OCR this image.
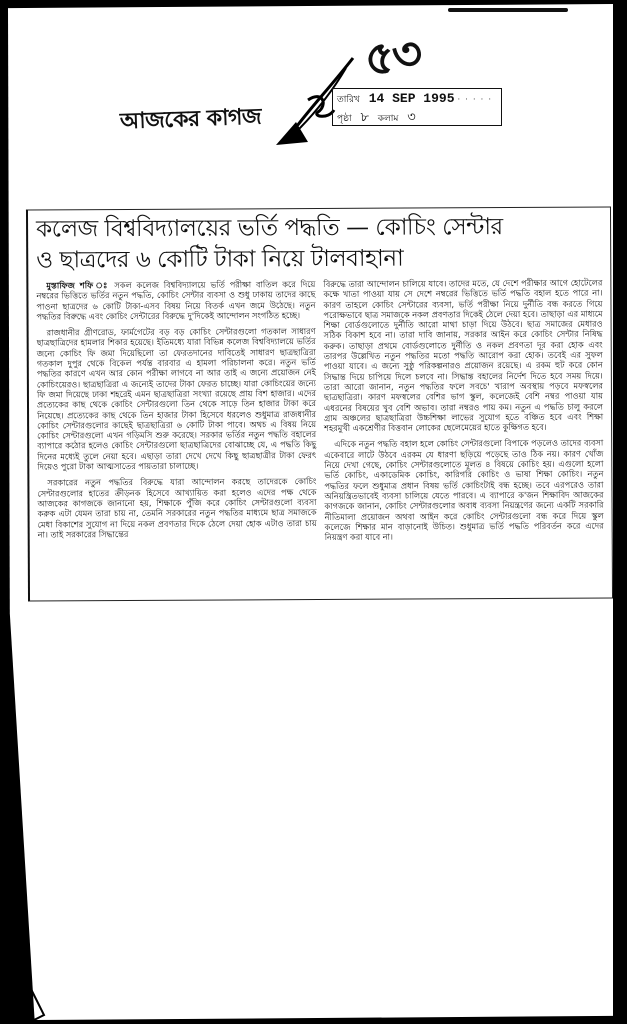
আজকের কাগজ
৫৩
তারিখ 14 SEP 1995 · · · · ·
পৃষ্ঠা ৮ কলাম ৩
কলেজ বিশ্ববিদ্যালয়ের ভর্তি পদ্ধতি — কোচিং সেন্টার
ও ছাত্রদের ৬ কোটি টাকা নিয়ে টালবাহানা

মুস্তাফিজ শফি ঃ সকল কলেজ বিশ্ববিদ্যালয়ে ভর্তি পরীক্ষা বাতিল করে দিয়ে নম্বরের ভিত্তিতে ভর্তির নতুন পদ্ধতি, কোচিং সেন্টার ব্যবসা ও শুধু ঢাকায় তাদের কাছে পাওনা ছাত্রদের ৬ কোটি টাকা-এসব বিষয় নিয়ে বিতর্ক এখন জমে উঠেছে। নতুন পদ্ধতির বিরুদ্ধে এবং কোচিং সেন্টারের বিরুদ্ধে দু'দিকেই আন্দোলন সংগঠিত হচ্ছে।

রাজধানীর গ্রীণরোড, ফার্মগেটের বড় বড় কোচিং সেন্টারগুলো গতকাল সাধারণ ছাত্রছাত্রিদের হামলার শিকার হয়েছে। ইতিমধ্যে যারা বিভিন্ন কলেজ বিশ্ববিদ্যালয়ে ভর্তির জন্যে কোচিং ফি জমা দিয়েছিলো তা ফেরতদানের দাবিতেই সাধারণ ছাত্রছাত্রিরা গতকাল দুপুর থেকে বিকেল পর্যন্ত বারবার এ হামলা পরিচালনা করে। নতুন ভর্তি পদ্ধতির কারণে এখন আর কোন পরীক্ষা লাগবে না আর তাই এ জন্যে প্রয়োজন নেই কোচিংয়েরও। ছাত্রছাত্রিরা এ জন্যেই তাদের টাকা ফেরত চাচ্ছে। যারা কোচিংয়ের জন্যে ফি জমা দিয়েছে ঢাকা শহরেই এমন ছাত্রছাত্রিরা সংখ্যা রয়েছে প্রায় বিশ হাজার। এদের প্রত্যেকের কাছ থেকে কোচিং সেন্টারগুলো তিন থেকে সাড়ে তিন হাজার টাকা করে নিয়েছে। প্রত্যেকের কাছ থেকে তিন হাজার টাকা হিসেবে ধরলেও শুধুমাত্র রাজধানীর কোচিং সেন্টারগুলোর কাছেই ছাত্রছাত্রিরা ৬ কোটি টাকা পাবে। অথচ এ বিষয় নিয়ে কোচিং সেন্টারগুলো এখন গড়িমসি শুরু করেছে। সরকার ভর্তির নতুন পদ্ধতি বহালের ব্যাপারে কঠোর হলেও কোচিং সেন্টারগুলো ছাত্রছাত্রিদের বোঝাচ্ছে যে, এ পদ্ধতি কিছু দিনের মধ্যেই তুলে নেয়া হবে। এছাড়া তারা দেখে দেখে কিছু ছাত্রছাত্রীর টাকা ফেরৎ দিয়েও পুরো টাকা আত্মসাতের পায়তারা চালাচ্ছে।

সরকারের নতুন পদ্ধতির বিরুদ্ধে যারা আন্দোলন করছে তাদেরকে কোচিং সেন্টারগুলোর হাতের ক্রীড়নক হিসেবে আখ্যায়িত করা হলেও এদের পক্ষ থেকে আজকের কাগজকে জানানো হয়, শিক্ষাকে পুঁজি করে কোচিং সেন্টারগুলো ব্যবসা করুক এটা যেমন তারা চায় না, তেমনি সরকারের নতুন পদ্ধতির মাধ্যমে ছাত্র সমাজকে মেধা বিকাশের সুযোগ না দিয়ে নকল প্রবণতার দিকে ঠেলে দেয়া হোক এটাও তারা চায় না। তাই সরকারের সিদ্ধান্তের

বিরুদ্ধে তারা আন্দোলন চালিয়ে যাবে। তাদের মতে, যে দেশে পরীক্ষার আগে হোটেলের কক্ষে খাতা পাওয়া যায় সে দেশে নম্বরের ভিত্তিতে ভর্তি পদ্ধতি বহাল হতে পারে না। কারণ তাহলে কোচিং সেন্টারের ব্যবসা, ভর্তি পরীক্ষা নিয়ে দুর্নীতি বন্ধ করতে গিয়ে পরোক্ষভাবে ছাত্র সমাজকে নকল প্রবণতার দিকেই ঠেলে দেয়া হবে। তাছাড়া এর মাধ্যমে শিক্ষা বোর্ডগুলোতে দুর্নীতি আরো মাথা চাড়া দিয়ে উঠবে। ছাত্র সমাজের মেধারও সঠিক বিকাশ হবে না। তারা দাবি জানায়, সরকার আইন করে কোচিং সেন্টার নিষিদ্ধ করুক। তাছাড়া প্রথমে বোর্ডগুলোতে দুর্নীতি ও নকল প্রবণতা দূর করা হোক এবং তারপর উল্লেখিত নতুন পদ্ধতির মতো পদ্ধতি আরোপ করা হোক। তবেই এর সুফল পাওয়া যাবে। এ জন্যে সুষ্ঠু পরিকল্পনারও প্রয়োজন রয়েছে। এ রকম হুট করে কোন সিদ্ধান্ত দিয়ে চাপিয়ে দিলে চলবে না। সিদ্ধান্ত বহালের নির্দেশ দিতে হবে সময় দিয়ে। তারা আরো জানান, নতুন পদ্ধতির ফলে সবচে' খারাপ অবস্থায় পড়বে মফস্বলের ছাত্রছাত্রিরা। কারণ মফস্বলের বেশির ভাগ স্কুল, কলেজেই বেশি নম্বর পাওয়া যায় এধরনের বিষয়ের খুব বেশি অভাব। তারা নম্বরও পায় কম। নতুন এ পদ্ধতি চালু করলে গ্রাম অঞ্চলের ছাত্রছাত্রিরা উচ্চশিক্ষা লাভের সুযোগ হতে বঞ্চিত হবে এবং শিক্ষা শহরমুখী একশ্রেণীর বিত্তবান লোকের ছেলেমেয়ের হাতে কুক্ষিগত হবে।

এদিকে নতুন পদ্ধতি বহাল হলে কোচিং সেন্টারগুলো বিপাকে পড়লেও তাদের ব্যবসা একেবারে লাটে উঠবে এরকম যে ধারণা ছড়িয়ে পড়েছে তাও ঠিক নয়। কারণ খোঁজ নিয়ে দেখা গেছে, কোচিং সেন্টারগুলোতে মূলত ৪ বিষয়ে কোচিং হয়। এগুলো হলো ভর্তি কোচিং, একাডেমিক কোচিং, কারিগরি কোচিং ও ভাষা শিক্ষা কোচিং। নতুন পদ্ধতির ফলে শুধুমাত্র প্রধান বিষয় ভর্তি কোচিংটাই বন্ধ হচ্ছে। তবে এরপরেও তারা অনিয়ন্ত্রিতভাবেই ব্যবসা চালিয়ে যেতে পারবে। এ ব্যাপারে ক'জন শিক্ষাবিদ আজকের কাগজকে জানান, কোচিং সেন্টারগুলোর অবাধ ব্যবসা নিয়ন্ত্রণের জন্যে একটি সরকারি নীতিমালা প্রয়োজন অথবা আইন করে কোচিং সেন্টারগুলো বন্ধ করে দিয়ে স্কুল কলেজে শিক্ষার মান বাড়ানোই উচিত। শুধুমাত্র ভর্তি পদ্ধতি পরিবর্তন করে এদের নিয়ন্ত্রণ করা যাবে না।
